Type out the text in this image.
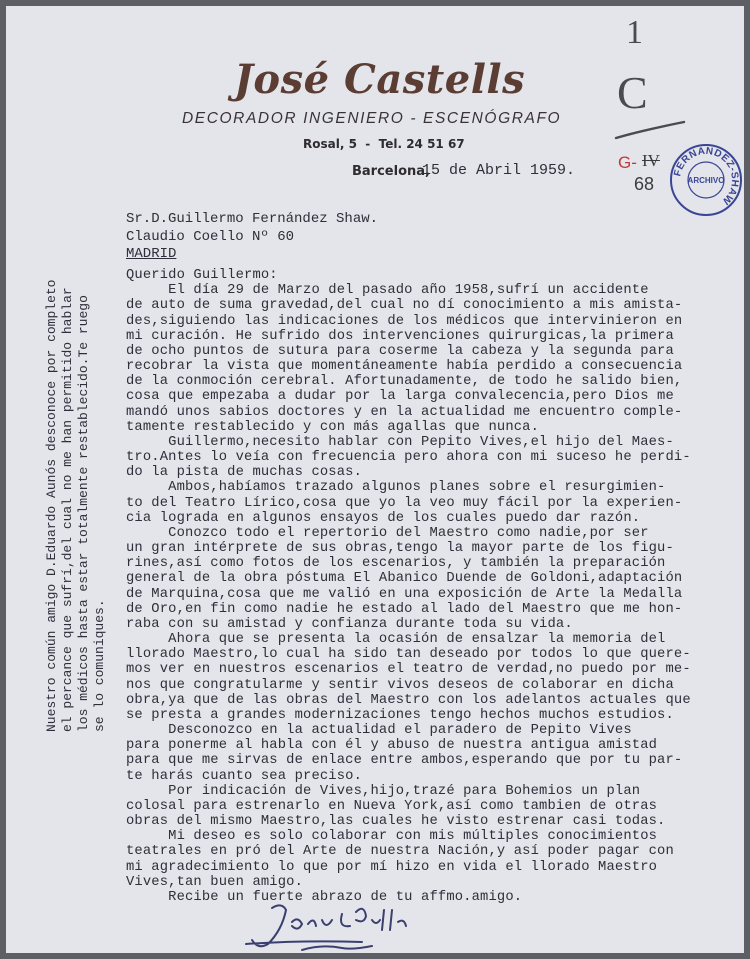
José Castells
DECORADOR INGENIERO - ESCENÓGRAFO
Rosal, 5  -  Tel. 24 51 67
Barcelona,
15 de Abril 1959.
1
C
G- IV
68
FERNANDEZ-SHAW
ARCHIVO
Sr.D.Guillermo Fernández Shaw.
Claudio Coello Nº 60
MADRID
Querido Guillermo:
El día 29 de Marzo del pasado año 1958,sufrí un accidente
de auto de suma gravedad,del cual no dí conocimiento a mis amista-
des,siguiendo las indicaciones de los médicos que intervinieron en
mi curación. He sufrido dos intervenciones quirurgicas,la primera
de ocho puntos de sutura para coserme la cabeza y la segunda para
recobrar la vista que momentáneamente había perdido a consecuencia
de la conmoción cerebral. Afortunadamente, de todo he salido bien,
cosa que empezaba a dudar por la larga convalecencia,pero Dios me
mandó unos sabios doctores y en la actualidad me encuentro comple-
tamente restablecido y con más agallas que nunca.
Guillermo,necesito hablar con Pepito Vives,el hijo del Maes-
tro.Antes lo veía con frecuencia pero ahora con mi suceso he perdi-
do la pista de muchas cosas.
Ambos,habíamos trazado algunos planes sobre el resurgimien-
to del Teatro Lírico,cosa que yo la veo muy fácil por la experien-
cia lograda en algunos ensayos de los cuales puedo dar razón.
Conozco todo el repertorio del Maestro como nadie,por ser
un gran intérprete de sus obras,tengo la mayor parte de los figu-
rines,así como fotos de los escenarios, y también la preparación
general de la obra póstuma El Abanico Duende de Goldoni,adaptación
de Marquina,cosa que me valió en una exposición de Arte la Medalla
de Oro,en fin como nadie he estado al lado del Maestro que me hon-
raba con su amistad y confianza durante toda su vida.
Ahora que se presenta la ocasión de ensalzar la memoria del
llorado Maestro,lo cual ha sido tan deseado por todos lo que quere-
mos ver en nuestros escenarios el teatro de verdad,no puedo por me-
nos que congratularme y sentir vivos deseos de colaborar en dicha
obra,ya que de las obras del Maestro con los adelantos actuales que
se presta a grandes modernizaciones tengo hechos muchos estudios.
Desconozco en la actualidad el paradero de Pepito Vives
para ponerme al habla con él y abuso de nuestra antigua amistad
para que me sirvas de enlace entre ambos,esperando que por tu par-
te harás cuanto sea preciso.
Por indicación de Vives,hijo,trazé para Bohemios un plan
colosal para estrenarlo en Nueva York,así como tambien de otras
obras del mismo Maestro,las cuales he visto estrenar casi todas.
Mi deseo es solo colaborar con mis múltiples conocimientos
teatrales en pró del Arte de nuestra Nación,y así poder pagar con
mi agradecimiento lo que por mí hizo en vida el llorado Maestro
Vives,tan buen amigo.
Recibe un fuerte abrazo de tu affmo.amigo.
Nuestro común amigo D.Eduardo Aunós desconoce por completo el percance que sufrí,del cual no me han permitido hablar los médicos hasta estar totalmente restablecido.Te ruego se lo comuniques.
